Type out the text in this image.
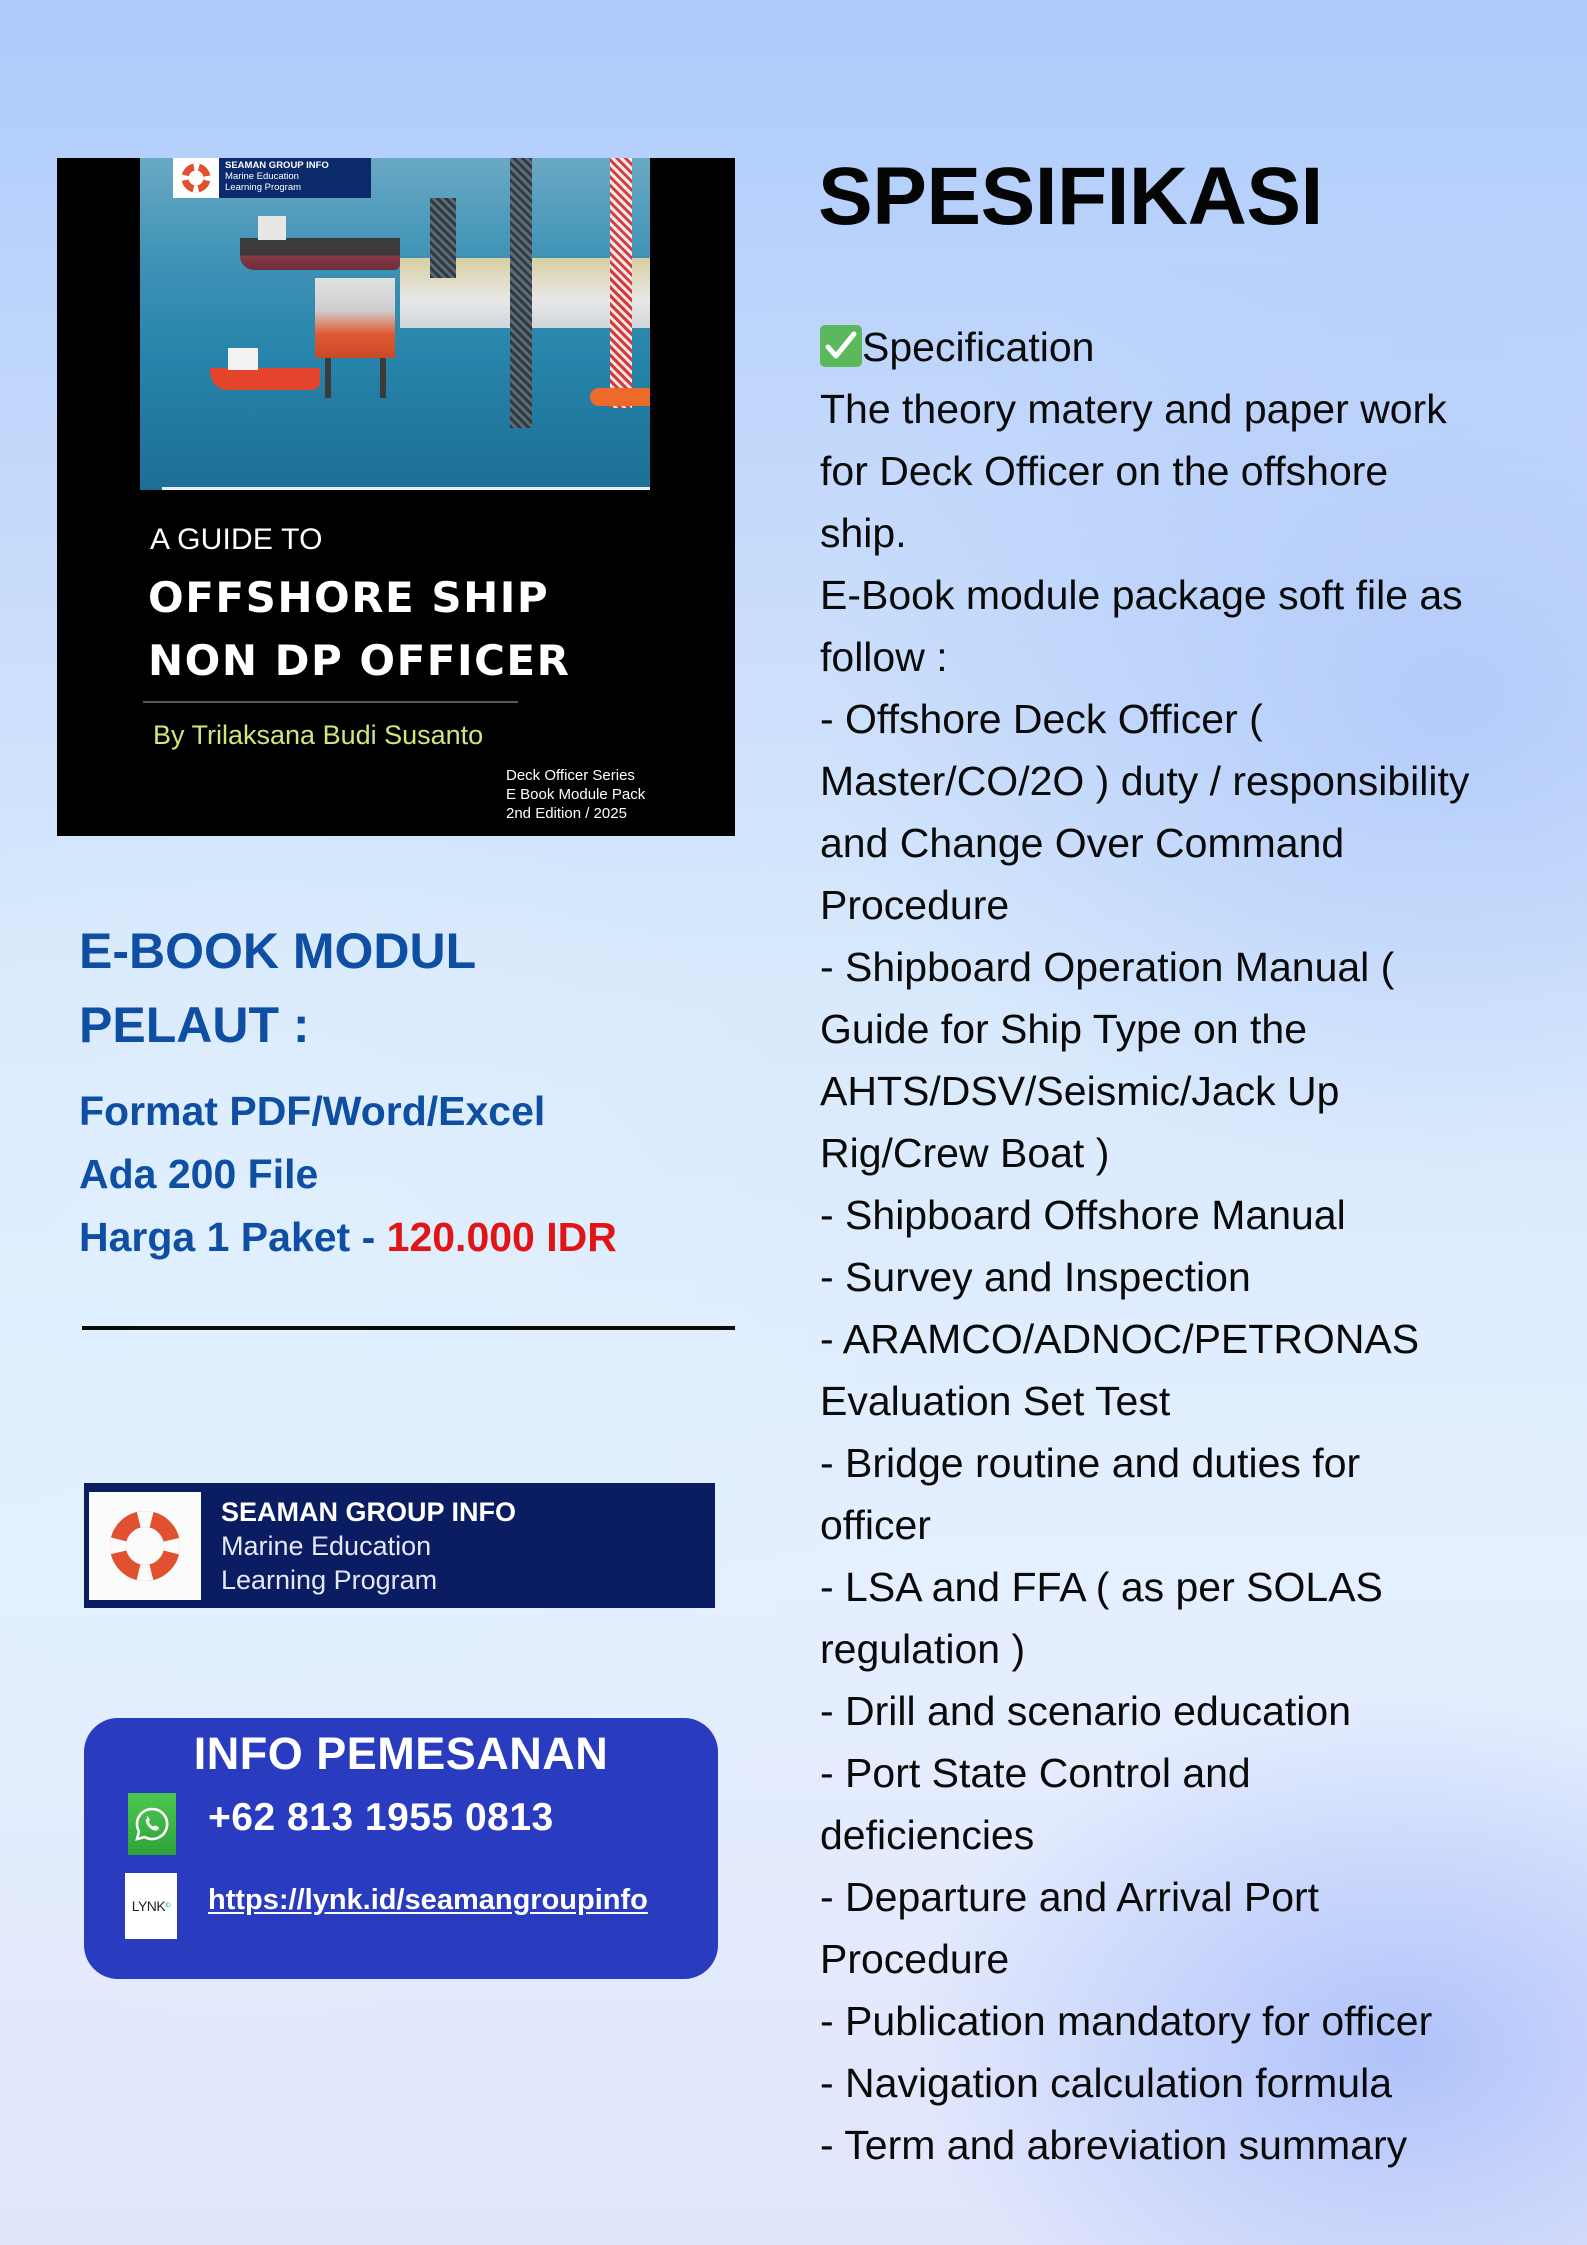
SEAMAN GROUP INFO
Marine Education
Learning Program
A GUIDE TO
OFFSHORE SHIP
NON DP OFFICER
By Trilaksana Budi Susanto
Deck Officer Series
E Book Module Pack
2nd Edition / 2025
E-BOOK MODUL
PELAUT :
Format PDF/Word/Excel
Ada 200 File
Harga 1 Paket - 120.000 IDR
SEAMAN GROUP INFO
Marine Education
Learning Program
INFO PEMESANAN
+62 813 1955 0813
LYNK ID https://lynk.id/seamangroupinfo
SPESIFIKASI
Specification
The theory matery and paper work
for Deck Officer on the offshore
ship.
E-Book module package soft file as
follow :
- Offshore Deck Officer (
Master/CO/2O ) duty / responsibility
and Change Over Command
Procedure
- Shipboard Operation Manual (
Guide for Ship Type on the
AHTS/DSV/Seismic/Jack Up
Rig/Crew Boat )
- Shipboard Offshore Manual
- Survey and Inspection
- ARAMCO/ADNOC/PETRONAS
Evaluation Set Test
- Bridge routine and duties for
officer
- LSA and FFA ( as per SOLAS
regulation )
- Drill and scenario education
- Port State Control and
deficiencies
- Departure and Arrival Port
Procedure
- Publication mandatory for officer
- Navigation calculation formula
- Term and abreviation summary
